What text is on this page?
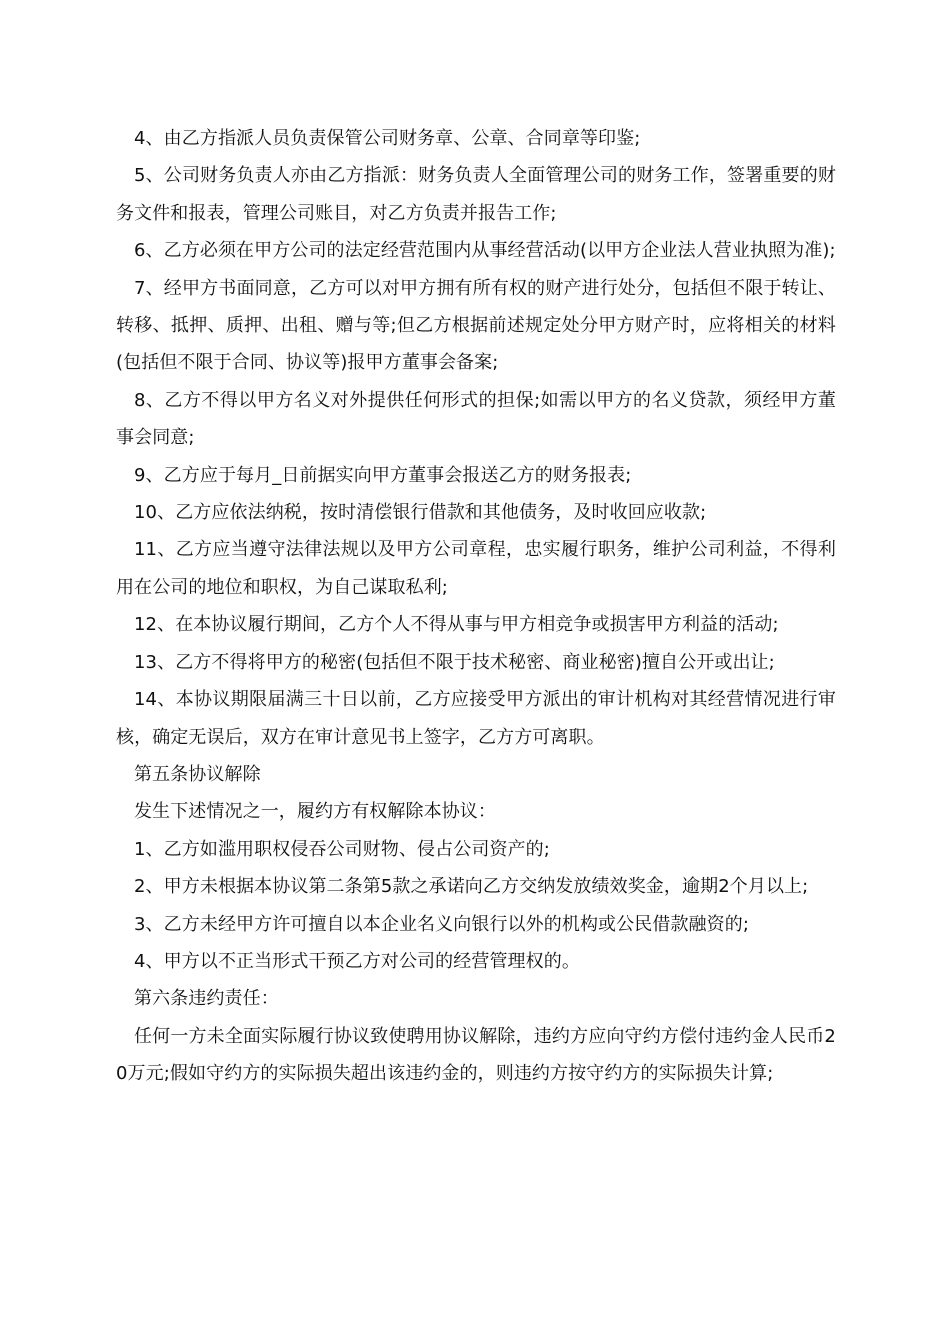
4、由乙方指派人员负责保管公司财务章、公章、合同章等印鉴;

5、公司财务负责人亦由乙方指派：财务负责人全面管理公司的财务工作，签署重要的财务文件和报表，管理公司账目，对乙方负责并报告工作;

6、乙方必须在甲方公司的法定经营范围内从事经营活动(以甲方企业法人营业执照为准);

7、经甲方书面同意，乙方可以对甲方拥有所有权的财产进行处分，包括但不限于转让、转移、抵押、质押、出租、赠与等;但乙方根据前述规定处分甲方财产时，应将相关的材料(包括但不限于合同、协议等)报甲方董事会备案;

8、乙方不得以甲方名义对外提供任何形式的担保;如需以甲方的名义贷款，须经甲方董事会同意;

9、乙方应于每月_日前据实向甲方董事会报送乙方的财务报表;

10、乙方应依法纳税，按时清偿银行借款和其他债务，及时收回应收款;

11、乙方应当遵守法律法规以及甲方公司章程，忠实履行职务，维护公司利益，不得利用在公司的地位和职权，为自己谋取私利;

12、在本协议履行期间，乙方个人不得从事与甲方相竞争或损害甲方利益的活动;

13、乙方不得将甲方的秘密(包括但不限于技术秘密、商业秘密)擅自公开或出让;

14、本协议期限届满三十日以前，乙方应接受甲方派出的审计机构对其经营情况进行审核，确定无误后，双方在审计意见书上签字，乙方方可离职。

第五条协议解除

发生下述情况之一，履约方有权解除本协议：

1、乙方如滥用职权侵吞公司财物、侵占公司资产的;

2、甲方未根据本协议第二条第5款之承诺向乙方交纳发放绩效奖金，逾期2个月以上;

3、乙方未经甲方许可擅自以本企业名义向银行以外的机构或公民借款融资的;

4、甲方以不正当形式干预乙方对公司的经营管理权的。

第六条违约责任：

任何一方未全面实际履行协议致使聘用协议解除，违约方应向守约方偿付违约金人民币20万元;假如守约方的实际损失超出该违约金的，则违约方按守约方的实际损失计算;
